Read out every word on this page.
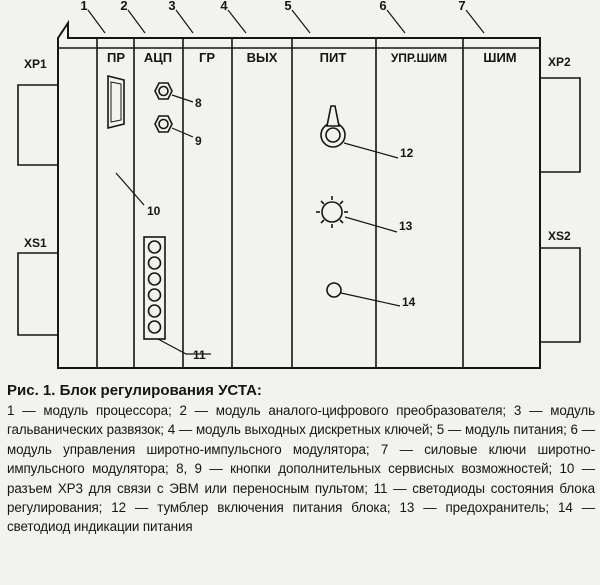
1	2	3	4	5	6	7
ПР АЦП ГР ВЫХ	ПИТ	УПР.ШИМ	ШИМ
XP1
XS1
XP2
XS2
8
9
10
11
12
13
14

Рис. 1. Блок регулирования УСТА:

1 — модуль процессора; 2 — модуль аналого-цифрового преобразователя; 3 — модуль гальванических развязок; 4 — модуль выходных дискретных ключей; 5 — модуль питания; 6 — модуль управления широтно-импульсного модулятора; 7 — силовые ключи широтно-импульсного модулятора; 8, 9 — кнопки дополнительных сервисных возможностей; 10 — разъем ХР3 для связи с ЭВМ или переносным пультом; 11 — светодиоды состояния блока регулирования; 12 — тумблер включения питания блока; 13 — предохранитель; 14 — светодиод индикации питания
